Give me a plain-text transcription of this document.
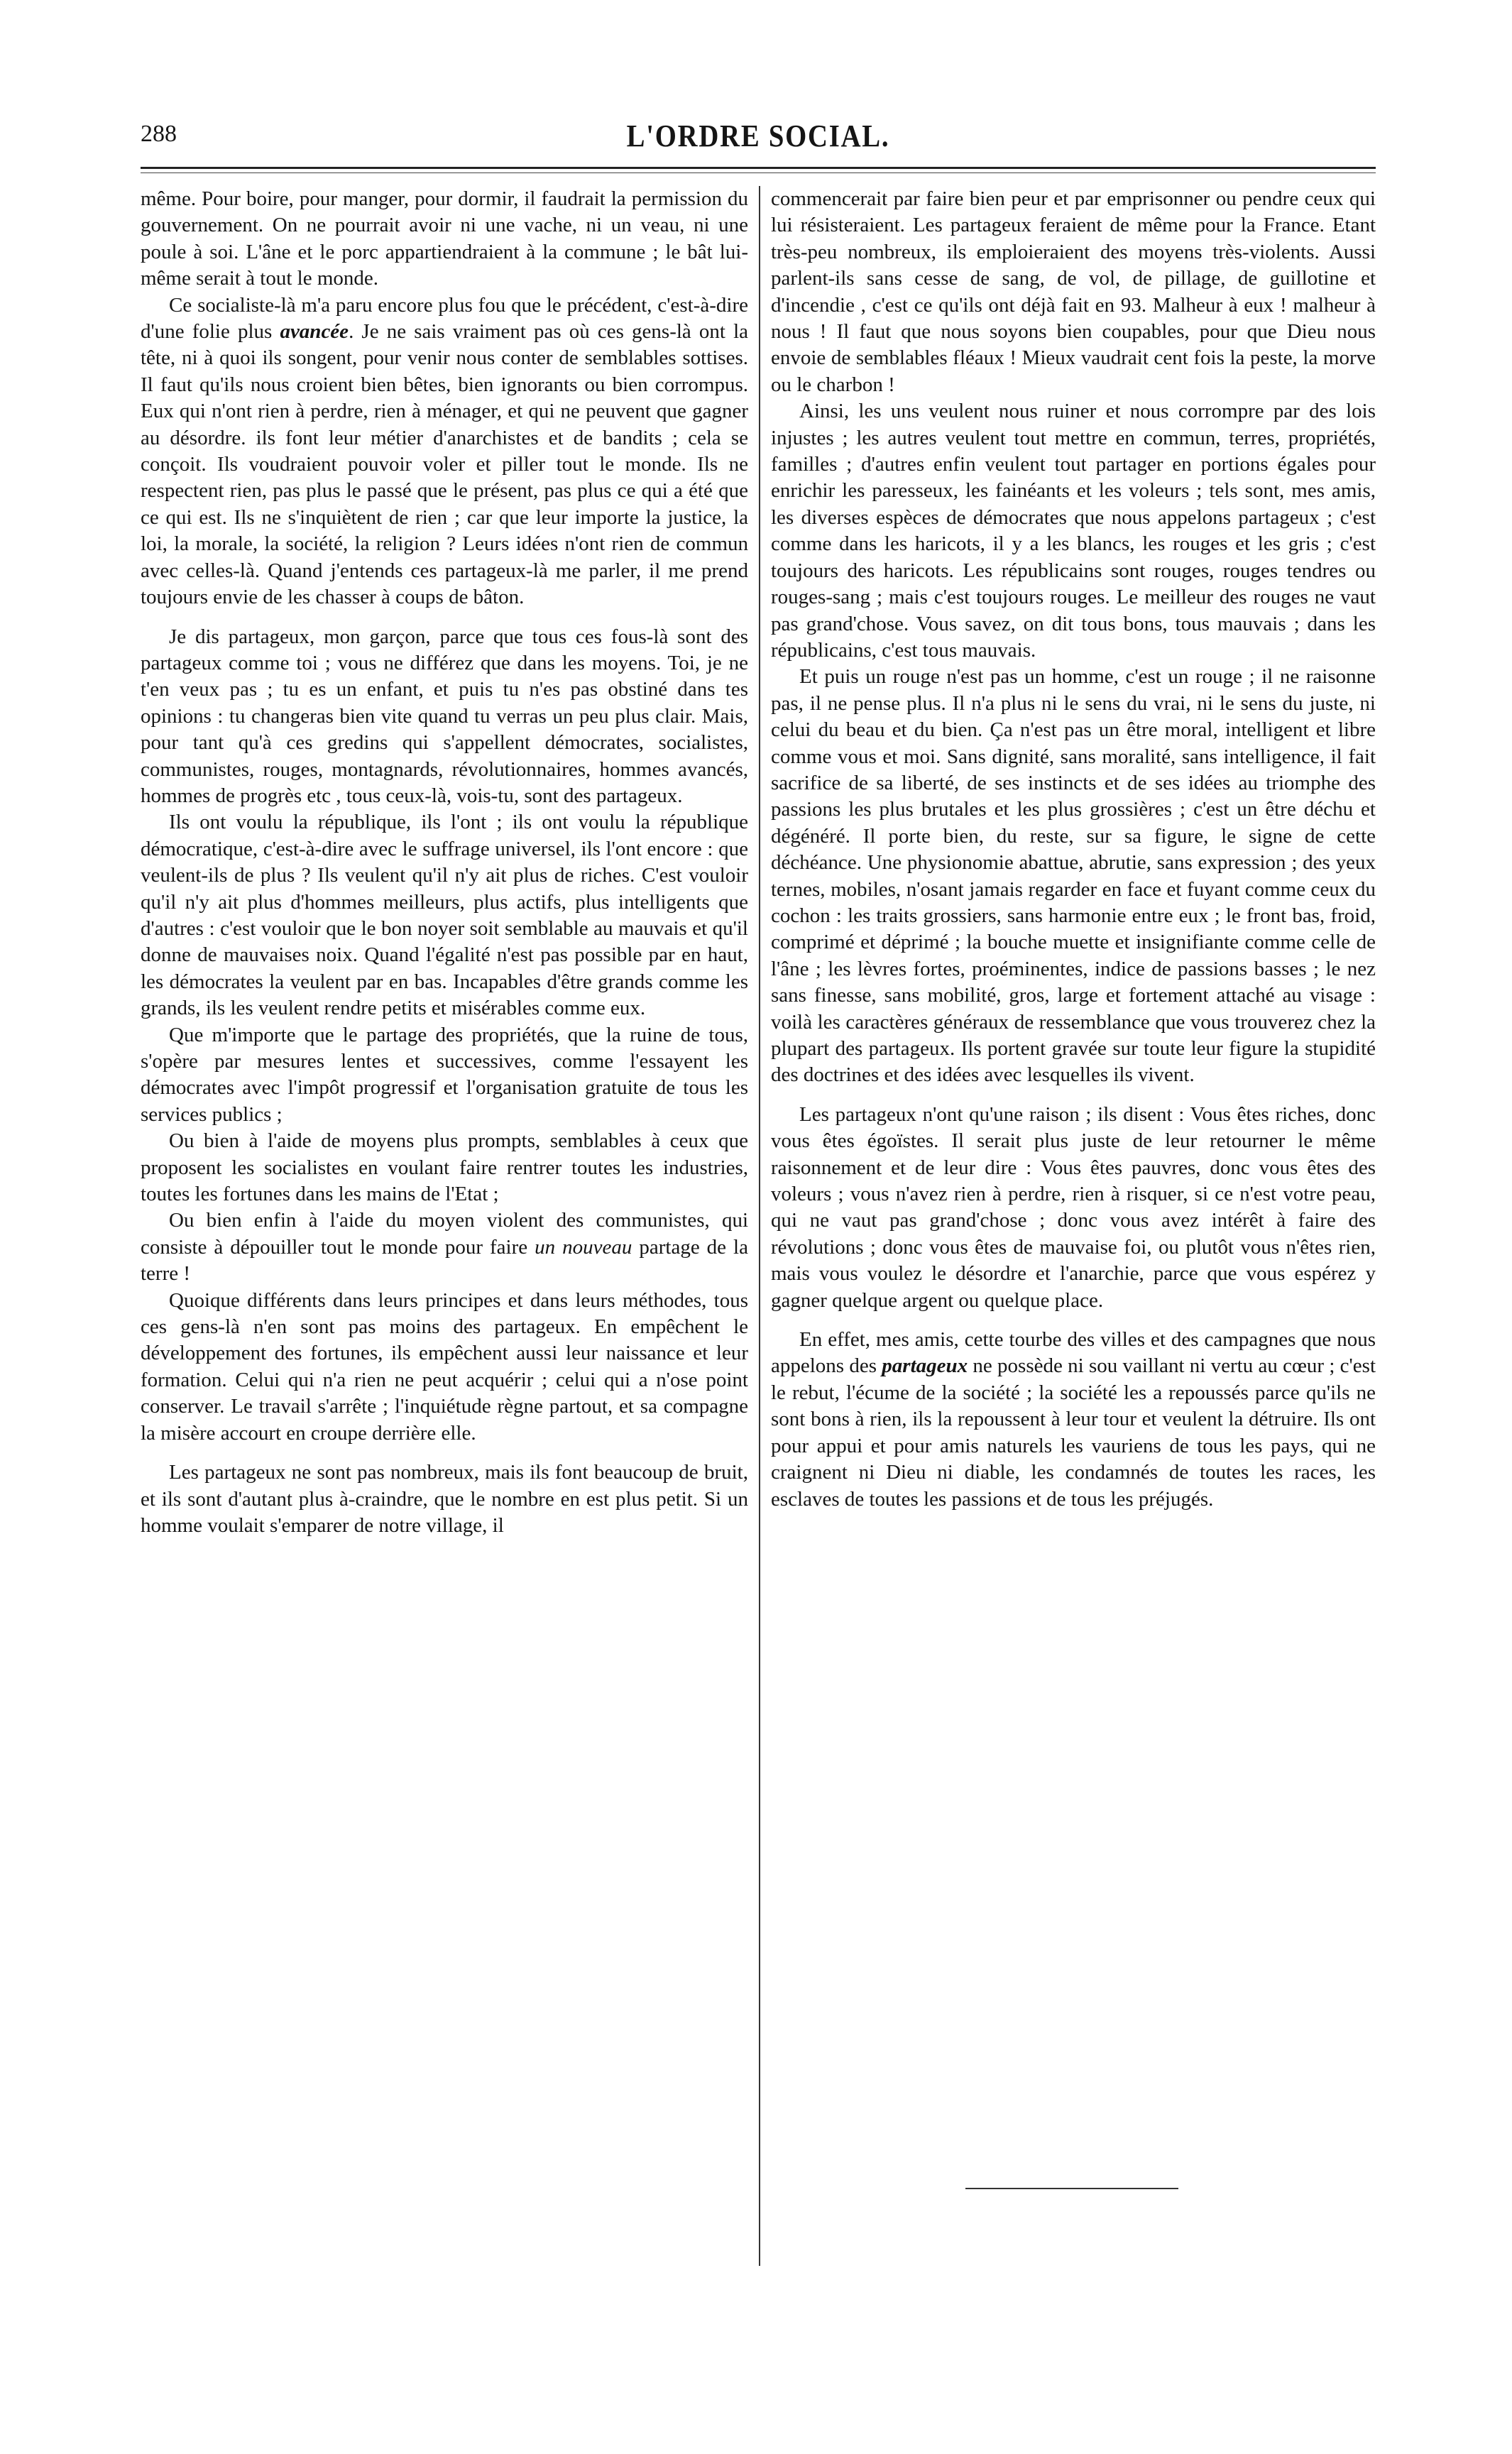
288	L'ORDRE SOCIAL.

même. Pour boire, pour manger, pour dormir, il faudrait la permission du gouvernement. On ne pourrait avoir ni une vache, ni un veau, ni une poule à soi. L'âne et le porc appartiendraient à la commune ; le bât lui-même serait à tout le monde.

Ce socialiste-là m'a paru encore plus fou que le précédent, c'est-à-dire d'une folie plus avancée. Je ne sais vraiment pas où ces gens-là ont la tête, ni à quoi ils songent, pour venir nous conter de semblables sottises. Il faut qu'ils nous croient bien bêtes, bien ignorants ou bien corrompus. Eux qui n'ont rien à perdre, rien à ménager, et qui ne peuvent que gagner au désordre. ils font leur métier d'anarchistes et de bandits ; cela se conçoit. Ils voudraient pouvoir voler et piller tout le monde. Ils ne respectent rien, pas plus le passé que le présent, pas plus ce qui a été que ce qui est. Ils ne s'inquiètent de rien ; car que leur importe la justice, la loi, la morale, la société, la religion ? Leurs idées n'ont rien de commun avec celles-là. Quand j'entends ces partageux-là me parler, il me prend toujours envie de les chasser à coups de bâton.

Je dis partageux, mon garçon, parce que tous ces fous-là sont des partageux comme toi ; vous ne différez que dans les moyens. Toi, je ne t'en veux pas ; tu es un enfant, et puis tu n'es pas obstiné dans tes opinions : tu changeras bien vite quand tu verras un peu plus clair. Mais, pour tant qu'à ces gredins qui s'appellent démocrates, socialistes, communistes, rouges, montagnards, révolutionnaires, hommes avancés, hommes de progrès etc , tous ceux-là, vois-tu, sont des partageux.

Ils ont voulu la république, ils l'ont ; ils ont voulu la république démocratique, c'est-à-dire avec le suffrage universel, ils l'ont encore : que veulent-ils de plus ? Ils veulent qu'il n'y ait plus de riches. C'est vouloir qu'il n'y ait plus d'hommes meilleurs, plus actifs, plus intelligents que d'autres : c'est vouloir que le bon noyer soit semblable au mauvais et qu'il donne de mauvaises noix. Quand l'égalité n'est pas possible par en haut, les démocrates la veulent par en bas. Incapables d'être grands comme les grands, ils les veulent rendre petits et misérables comme eux.

Que m'importe que le partage des propriétés, que la ruine de tous, s'opère par mesures lentes et successives, comme l'essayent les démocrates avec l'impôt progressif et l'organisation gratuite de tous les services publics ;

Ou bien à l'aide de moyens plus prompts, semblables à ceux que proposent les socialistes en voulant faire rentrer toutes les industries, toutes les fortunes dans les mains de l'Etat ;

Ou bien enfin à l'aide du moyen violent des communistes, qui consiste à dépouiller tout le monde pour faire un nouveau partage de la terre !

Quoique différents dans leurs principes et dans leurs méthodes, tous ces gens-là n'en sont pas moins des partageux. En empêchent le développement des fortunes, ils empêchent aussi leur naissance et leur formation. Celui qui n'a rien ne peut acquérir ; celui qui a n'ose point conserver. Le travail s'arrête ; l'inquiétude règne partout, et sa compagne la misère accourt en croupe derrière elle.

Les partageux ne sont pas nombreux, mais ils font beaucoup de bruit, et ils sont d'autant plus à-craindre, que le nombre en est plus petit. Si un homme voulait s'emparer de notre village, il

commencerait par faire bien peur et par emprisonner ou pendre ceux qui lui résisteraient. Les partageux feraient de même pour la France. Etant très-peu nombreux, ils emploieraient des moyens très-violents. Aussi parlent-ils sans cesse de sang, de vol, de pillage, de guillotine et d'incendie , c'est ce qu'ils ont déjà fait en 93. Malheur à eux ! malheur à nous ! Il faut que nous soyons bien coupables, pour que Dieu nous envoie de semblables fléaux ! Mieux vaudrait cent fois la peste, la morve ou le charbon !

Ainsi, les uns veulent nous ruiner et nous corrompre par des lois injustes ; les autres veulent tout mettre en commun, terres, propriétés, familles ; d'autres enfin veulent tout partager en portions égales pour enrichir les paresseux, les fainéants et les voleurs ; tels sont, mes amis, les diverses espèces de démocrates que nous appelons partageux ; c'est comme dans les haricots, il y a les blancs, les rouges et les gris ; c'est toujours des haricots. Les républicains sont rouges, rouges tendres ou rouges-sang ; mais c'est toujours rouges. Le meilleur des rouges ne vaut pas grand'chose. Vous savez, on dit tous bons, tous mauvais ; dans les républicains, c'est tous mauvais.

Et puis un rouge n'est pas un homme, c'est un rouge ; il ne raisonne pas, il ne pense plus. Il n'a plus ni le sens du vrai, ni le sens du juste, ni celui du beau et du bien. Ça n'est pas un être moral, intelligent et libre comme vous et moi. Sans dignité, sans moralité, sans intelligence, il fait sacrifice de sa liberté, de ses instincts et de ses idées au triomphe des passions les plus brutales et les plus grossières ; c'est un être déchu et dégénéré. Il porte bien, du reste, sur sa figure, le signe de cette déchéance. Une physionomie abattue, abrutie, sans expression ; des yeux ternes, mobiles, n'osant jamais regarder en face et fuyant comme ceux du cochon : les traits grossiers, sans harmonie entre eux ; le front bas, froid, comprimé et déprimé ; la bouche muette et insignifiante comme celle de l'âne ; les lèvres fortes, proéminentes, indice de passions basses ; le nez sans finesse, sans mobilité, gros, large et fortement attaché au visage : voilà les caractères généraux de ressemblance que vous trouverez chez la plupart des partageux. Ils portent gravée sur toute leur figure la stupidité des doctrines et des idées avec lesquelles ils vivent.

Les partageux n'ont qu'une raison ; ils disent : Vous êtes riches, donc vous êtes égoïstes. Il serait plus juste de leur retourner le même raisonnement et de leur dire : Vous êtes pauvres, donc vous êtes des voleurs ; vous n'avez rien à perdre, rien à risquer, si ce n'est votre peau, qui ne vaut pas grand'chose ; donc vous avez intérêt à faire des révolutions ; donc vous êtes de mauvaise foi, ou plutôt vous n'êtes rien, mais vous voulez le désordre et l'anarchie, parce que vous espérez y gagner quelque argent ou quelque place.

En effet, mes amis, cette tourbe des villes et des campagnes que nous appelons des partageux ne possède ni sou vaillant ni vertu au cœur ; c'est le rebut, l'écume de la société ; la société les a repoussés parce qu'ils ne sont bons à rien, ils la repoussent à leur tour et veulent la détruire. Ils ont pour appui et pour amis naturels les vauriens de tous les pays, qui ne craignent ni Dieu ni diable, les condamnés de toutes les races, les esclaves de toutes les passions et de tous les préjugés.
